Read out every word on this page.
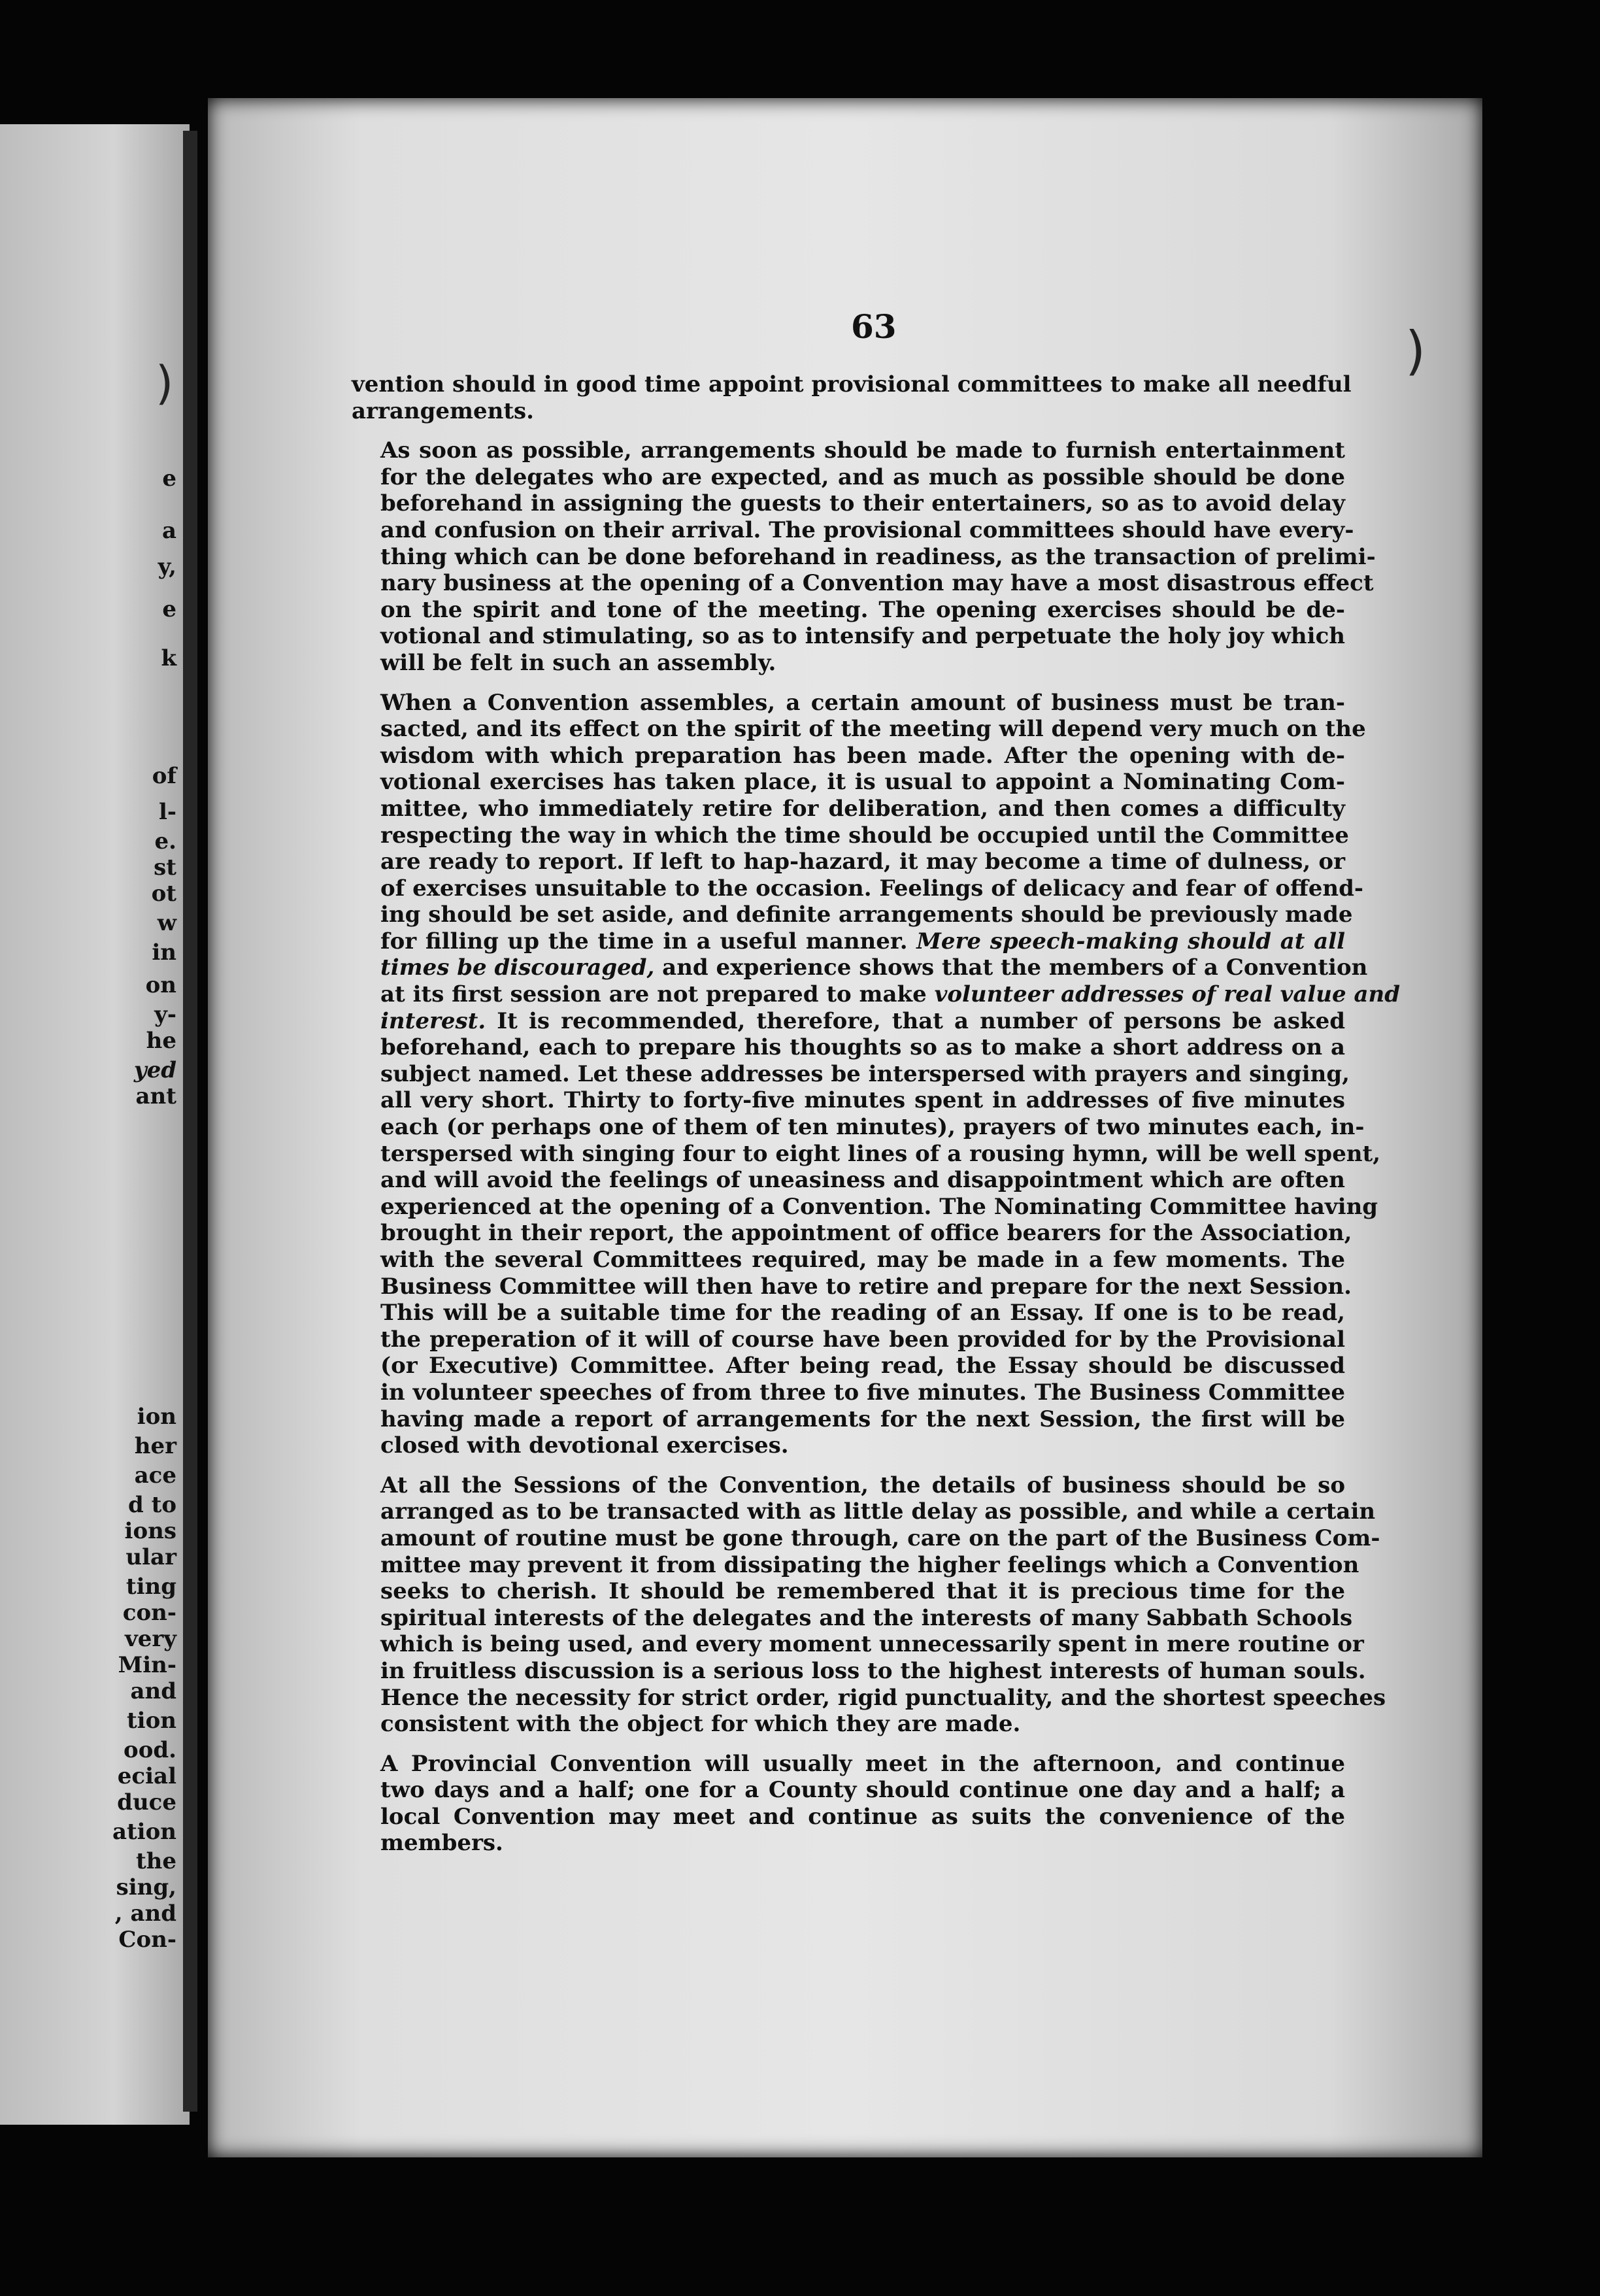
e
a
y,
e
k
of
l-
e.
st
ot
w
in
on
y-
he
yed
ant
ion
her
ace
d to
ions
ular
ting
con-
very
Min-
and
tion
ood.
ecial
duce
ation
the
sing,
, and
Con-
63
vention should in good time appoint provisional committees to make all needful
arrangements.
As soon as possible, arrangements should be made to furnish entertainment
for the delegates who are expected, and as much as possible should be done
beforehand in assigning the guests to their entertainers, so as to avoid delay
and confusion on their arrival. The provisional committees should have every-
thing which can be done beforehand in readiness, as the transaction of prelimi-
nary business at the opening of a Convention may have a most disastrous effect
on the spirit and tone of the meeting. The opening exercises should be de-
votional and stimulating, so as to intensify and perpetuate the holy joy which
will be felt in such an assembly.
When a Convention assembles, a certain amount of business must be tran-
sacted, and its effect on the spirit of the meeting will depend very much on the
wisdom with which preparation has been made. After the opening with de-
votional exercises has taken place, it is usual to appoint a Nominating Com-
mittee, who immediately retire for deliberation, and then comes a difficulty
respecting the way in which the time should be occupied until the Committee
are ready to report. If left to hap-hazard, it may become a time of dulness, or
of exercises unsuitable to the occasion. Feelings of delicacy and fear of offend-
ing should be set aside, and definite arrangements should be previously made
for filling up the time in a useful manner. Mere speech-making should at all
times be discouraged, and experience shows that the members of a Convention
at its first session are not prepared to make volunteer addresses of real value and
interest. It is recommended, therefore, that a number of persons be asked
beforehand, each to prepare his thoughts so as to make a short address on a
subject named. Let these addresses be interspersed with prayers and singing,
all very short. Thirty to forty-five minutes spent in addresses of five minutes
each (or perhaps one of them of ten minutes), prayers of two minutes each, in-
terspersed with singing four to eight lines of a rousing hymn, will be well spent,
and will avoid the feelings of uneasiness and disappointment which are often
experienced at the opening of a Convention. The Nominating Committee having
brought in their report, the appointment of office bearers for the Association,
with the several Committees required, may be made in a few moments. The
Business Committee will then have to retire and prepare for the next Session.
This will be a suitable time for the reading of an Essay. If one is to be read,
the preperation of it will of course have been provided for by the Provisional
(or Executive) Committee. After being read, the Essay should be discussed
in volunteer speeches of from three to five minutes. The Business Committee
having made a report of arrangements for the next Session, the first will be
closed with devotional exercises.
At all the Sessions of the Convention, the details of business should be so
arranged as to be transacted with as little delay as possible, and while a certain
amount of routine must be gone through, care on the part of the Business Com-
mittee may prevent it from dissipating the higher feelings which a Convention
seeks to cherish. It should be remembered that it is precious time for the
spiritual interests of the delegates and the interests of many Sabbath Schools
which is being used, and every moment unnecessarily spent in mere routine or
in fruitless discussion is a serious loss to the highest interests of human souls.
Hence the necessity for strict order, rigid punctuality, and the shortest speeches
consistent with the object for which they are made.
A Provincial Convention will usually meet in the afternoon, and continue
two days and a half; one for a County should continue one day and a half; a
local Convention may meet and continue as suits the convenience of the
members.
)
)
